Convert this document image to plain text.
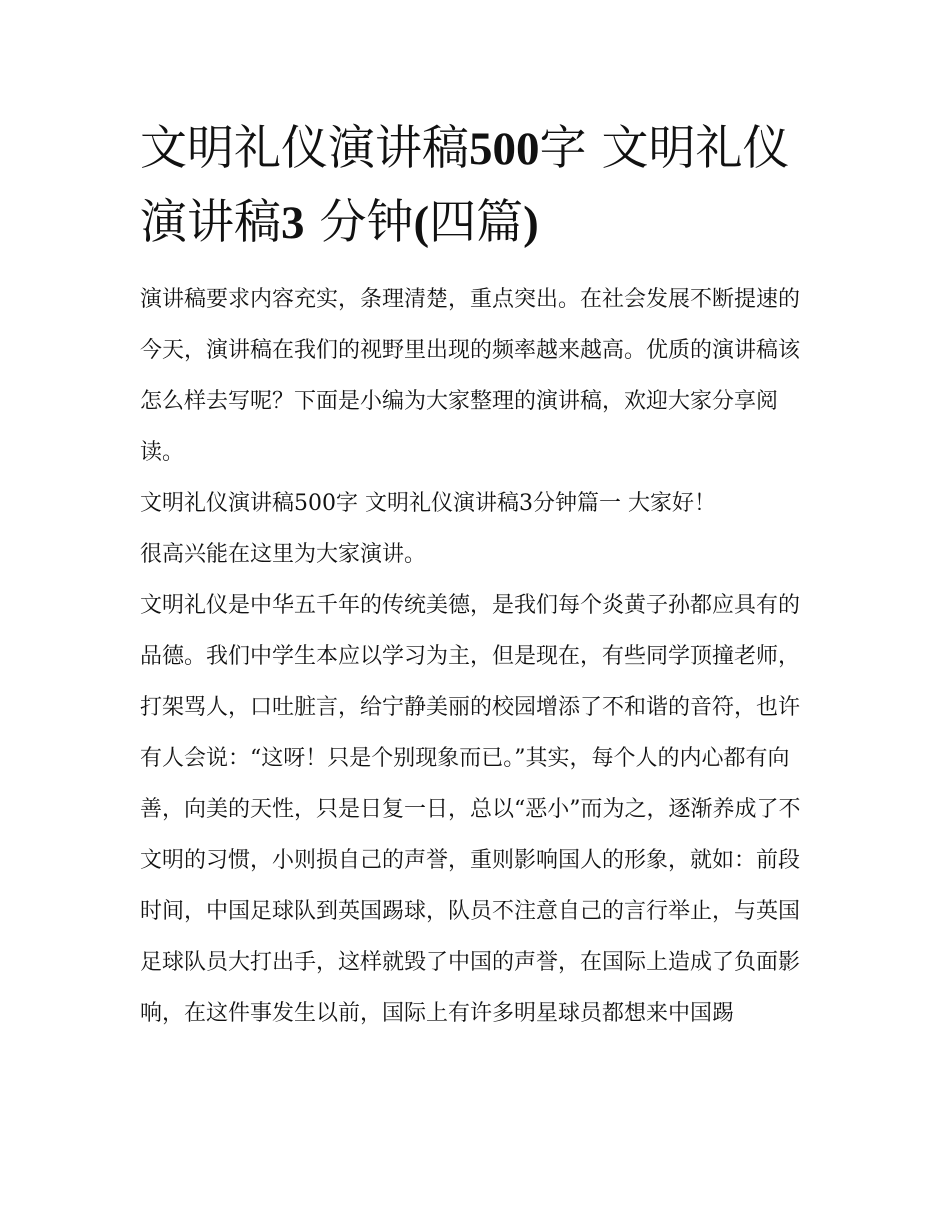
文明礼仪演讲稿500字 文明礼仪演讲稿3 分钟(四篇)

演讲稿要求内容充实，条理清楚，重点突出。在社会发展不断提速的今天，演讲稿在我们的视野里出现的频率越来越高。优质的演讲稿该怎么样去写呢？下面是小编为大家整理的演讲稿，欢迎大家分享阅读。

文明礼仪演讲稿500字 文明礼仪演讲稿3分钟篇一 大家好！

很高兴能在这里为大家演讲。

文明礼仪是中华五千年的传统美德，是我们每个炎黄子孙都应具有的品德。我们中学生本应以学习为主，但是现在，有些同学顶撞老师，打架骂人，口吐脏言，给宁静美丽的校园增添了不和谐的音符，也许有人会说：“这呀！只是个别现象而已。”其实，每个人的内心都有向善，向美的天性，只是日复一日，总以“恶小”而为之，逐渐养成了不文明的习惯，小则损自己的声誉，重则影响国人的形象，就如：前段时间，中国足球队到英国踢球，队员不注意自己的言行举止，与英国足球队员大打出手，这样就毁了中国的声誉，在国际上造成了负面影响，在这件事发生以前，国际上有许多明星球员都想来中国踢
